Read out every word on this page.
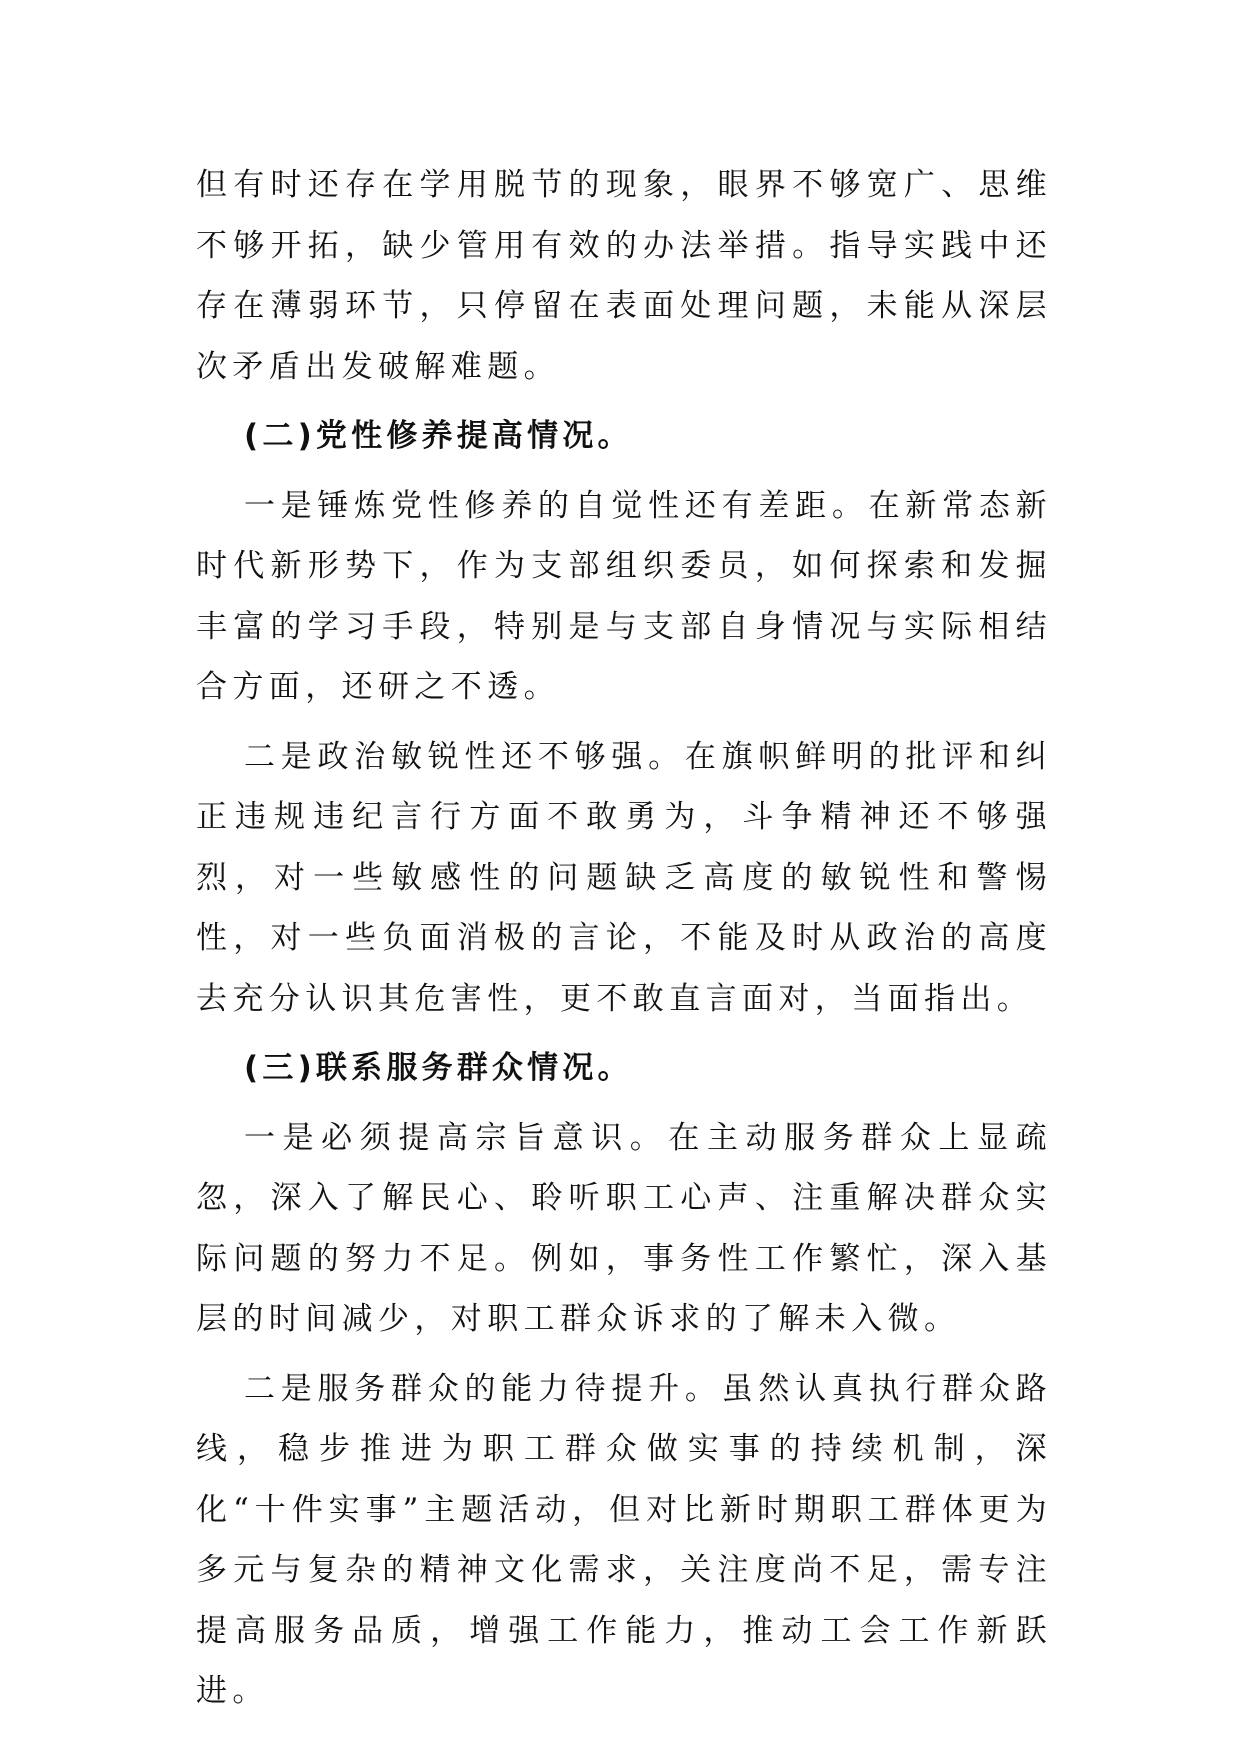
但有时还存在学用脱节的现象，眼界不够宽广、思维不够开拓，缺少管用有效的办法举措。指导实践中还存在薄弱环节，只停留在表面处理问题，未能从深层次矛盾出发破解难题。

(二)党性修养提高情况。

一是锤炼党性修养的自觉性还有差距。在新常态新时代新形势下，作为支部组织委员，如何探索和发掘丰富的学习手段，特别是与支部自身情况与实际相结合方面，还研之不透。

二是政治敏锐性还不够强。在旗帜鲜明的批评和纠正违规违纪言行方面不敢勇为，斗争精神还不够强烈，对一些敏感性的问题缺乏高度的敏锐性和警惕性，对一些负面消极的言论，不能及时从政治的高度去充分认识其危害性，更不敢直言面对，当面指出。

(三)联系服务群众情况。

一是必须提高宗旨意识。在主动服务群众上显疏忽，深入了解民心、聆听职工心声、注重解决群众实际问题的努力不足。例如，事务性工作繁忙，深入基层的时间减少，对职工群众诉求的了解未入微。

二是服务群众的能力待提升。虽然认真执行群众路线，稳步推进为职工群众做实事的持续机制，深化“十件实事”主题活动，但对比新时期职工群体更为多元与复杂的精神文化需求，关注度尚不足，需专注提高服务品质，增强工作能力，推动工会工作新跃进。
